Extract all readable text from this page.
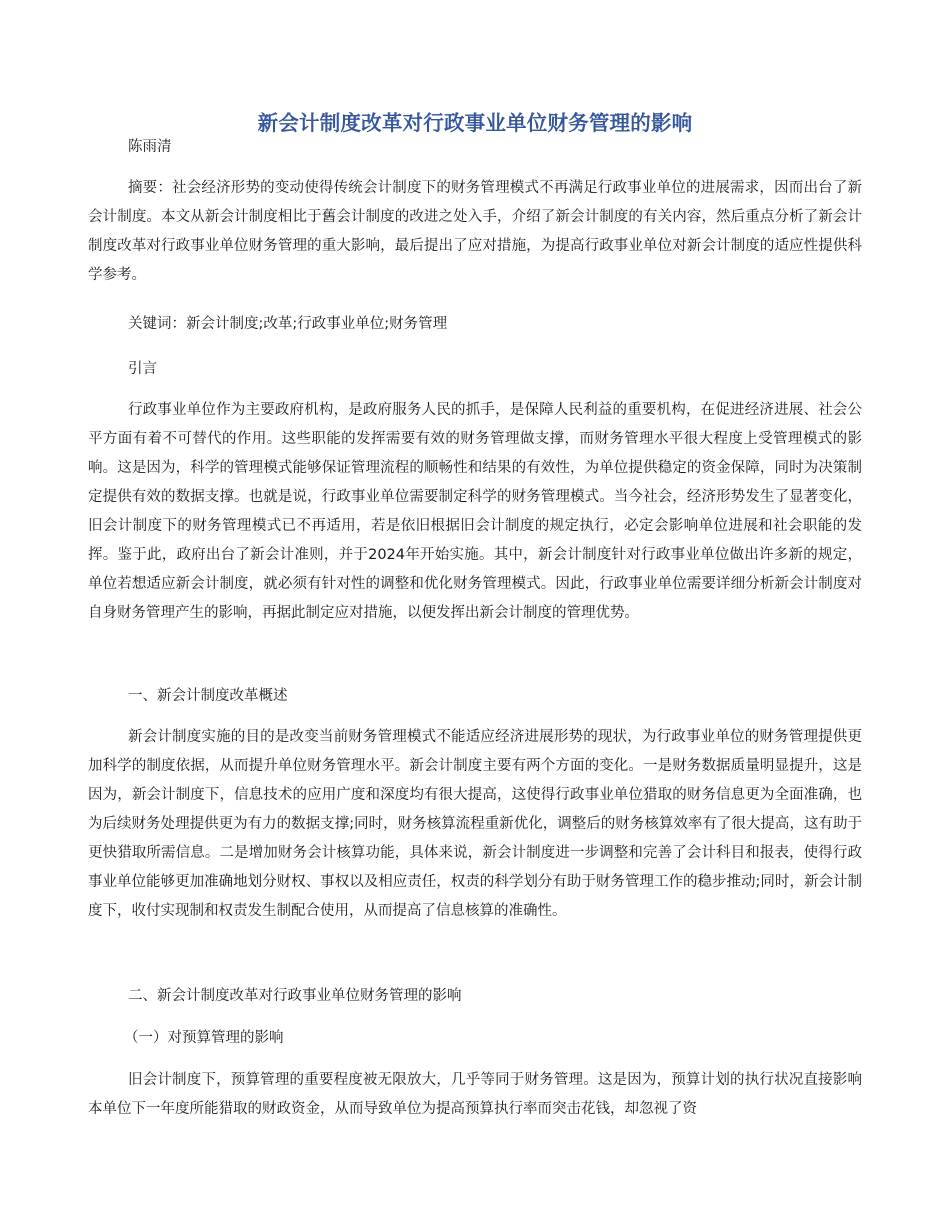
新会计制度改革对行政事业单位财务管理的影响
陈雨清

摘要：社会经济形势的变动使得传统会计制度下的财务管理模式不再满足行政事业单位的进展需求，因而出台了新会计制度。本文从新会计制度相比于舊会计制度的改进之处入手，介绍了新会计制度的有关内容，然后重点分析了新会计制度改革对行政事业单位财务管理的重大影响，最后提出了应对措施，为提高行政事业单位对新会计制度的适应性提供科学参考。

关键词：新会计制度;改革;行政事业单位;财务管理
引言

行政事业单位作为主要政府机构，是政府服务人民的抓手，是保障人民利益的重要机构，在促进经济进展、社会公平方面有着不可替代的作用。这些职能的发挥需要有效的财务管理做支撑，而财务管理水平很大程度上受管理模式的影响。这是因为，科学的管理模式能够保证管理流程的顺畅性和结果的有效性，为单位提供稳定的资金保障，同时为决策制定提供有效的数据支撑。也就是说，行政事业单位需要制定科学的财务管理模式。当今社会，经济形势发生了显著变化，旧会计制度下的财务管理模式已不再适用，若是依旧根据旧会计制度的规定执行，必定会影响单位进展和社会职能的发挥。鉴于此，政府出台了新会计准则，并于2024年开始实施。其中，新会计制度针对行政事业单位做出许多新的规定，单位若想适应新会计制度，就必须有针对性的调整和优化财务管理模式。因此，行政事业单位需要详细分析新会计制度对自身财务管理产生的影响，再据此制定应对措施，以便发挥出新会计制度的管理优势。

一、新会计制度改革概述

新会计制度实施的目的是改变当前财务管理模式不能适应经济进展形势的现状，为行政事业单位的财务管理提供更加科学的制度依据，从而提升单位财务管理水平。新会计制度主要有两个方面的变化。一是财务数据质量明显提升，这是因为，新会计制度下，信息技术的应用广度和深度均有很大提高，这使得行政事业单位猎取的财务信息更为全面准确，也为后续财务处理提供更为有力的数据支撑;同时，财务核算流程重新优化，调整后的财务核算效率有了很大提高，这有助于更快猎取所需信息。二是增加财务会计核算功能，具体来说，新会计制度进一步调整和完善了会计科目和报表，使得行政事业单位能够更加准确地划分财权、事权以及相应责任，权责的科学划分有助于财务管理工作的稳步推动;同时，新会计制度下，收付实现制和权责发生制配合使用，从而提高了信息核算的准确性。

二、新会计制度改革对行政事业单位财务管理的影响
（一）对预算管理的影响

旧会计制度下，预算管理的重要程度被无限放大，几乎等同于财务管理。这是因为，预算计划的执行状况直接影响本单位下一年度所能猎取的财政资金，从而导致单位为提高预算执行率而突击花钱，却忽视了资
